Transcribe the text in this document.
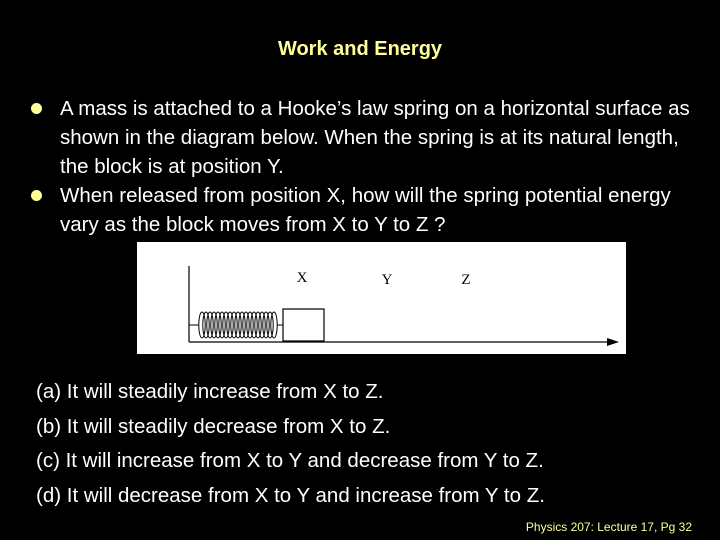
Work and Energy
A mass is attached to a Hooke’s law spring on a horizontal surface as shown in the diagram below. When the spring is at its natural length, the block is at position Y.
When released from position X, how will the spring potential energy vary as the block moves from X to Y to Z ?
X	Y	Z
(a) It will steadily increase from X to Z.
(b) It will steadily decrease from X to Z.
(c) It will increase from X to Y and decrease from Y to Z.
(d) It will decrease from X to Y and increase from Y to Z.
Physics 207: Lecture 17, Pg 32
